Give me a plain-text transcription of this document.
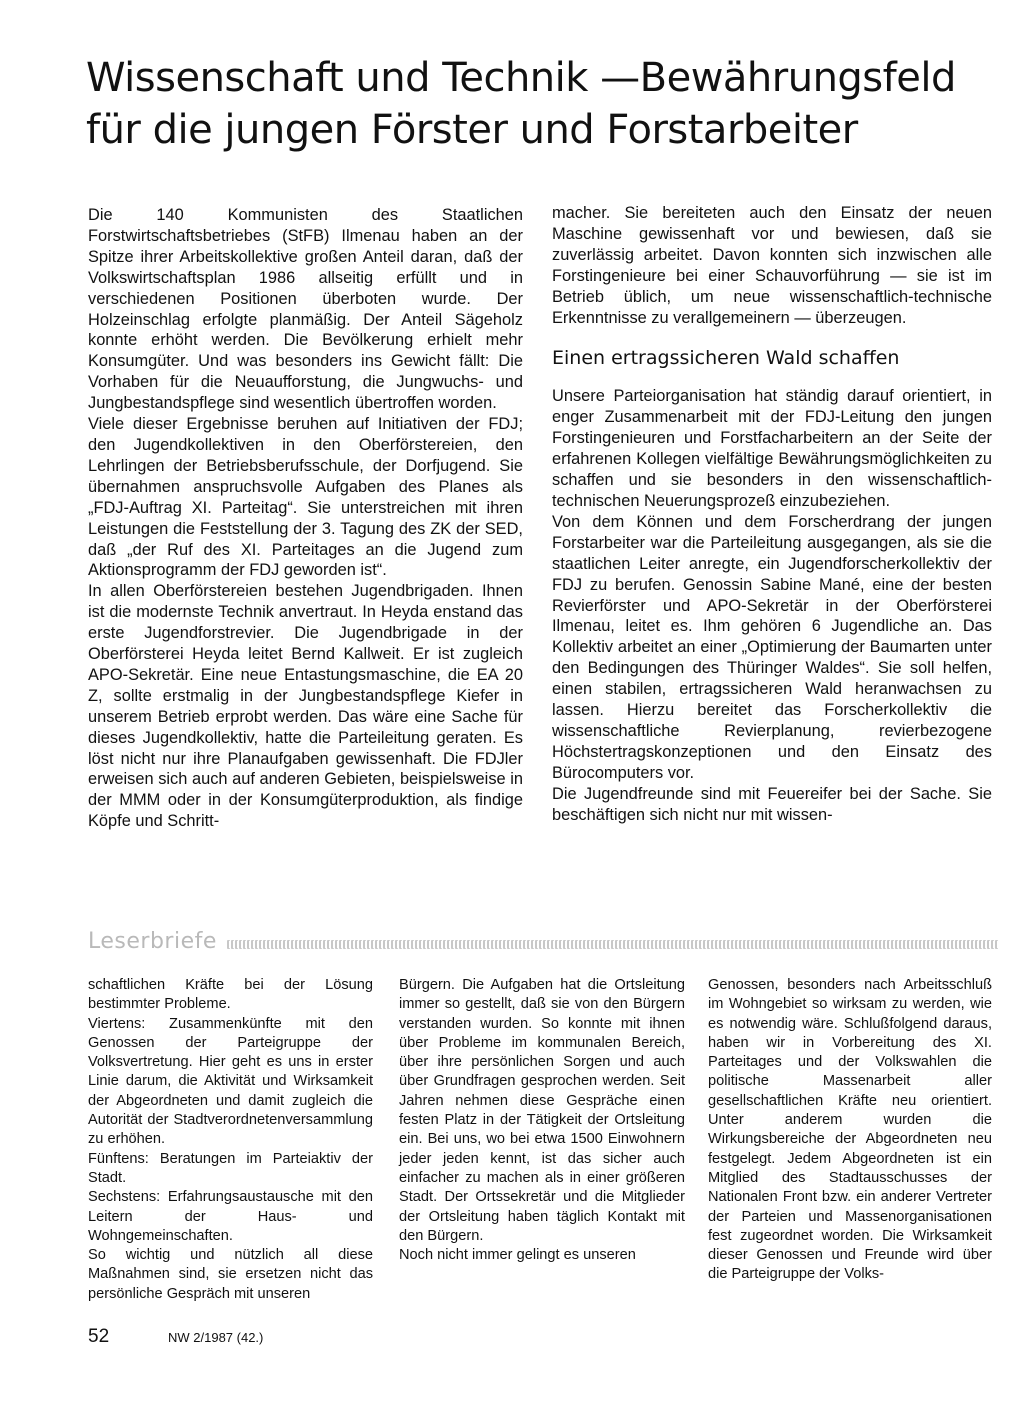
Wissenschaft und Technik —Bewährungsfeld
für die jungen Förster und Forstarbeiter

Die 140 Kommunisten des Staatlichen Forstwirtschaftsbetriebes (StFB) Ilmenau haben an der Spitze ihrer Arbeitskollektive großen Anteil daran, daß der Volkswirtschaftsplan 1986 allseitig erfüllt und in verschiedenen Positionen überboten wurde. Der Holzeinschlag erfolgte planmäßig. Der Anteil Sägeholz konnte erhöht werden. Die Bevölkerung erhielt mehr Konsumgüter. Und was besonders ins Gewicht fällt: Die Vorhaben für die Neuaufforstung, die Jungwuchs- und Jungbestandspflege sind wesentlich übertroffen worden.

Viele dieser Ergebnisse beruhen auf Initiativen der FDJ; den Jugendkollektiven in den Oberförstereien, den Lehrlingen der Betriebsberufsschule, der Dorfjugend. Sie übernahmen anspruchsvolle Aufgaben des Planes als „FDJ-Auftrag XI. Parteitag“. Sie unterstreichen mit ihren Leistungen die Feststellung der 3. Tagung des ZK der SED, daß „der Ruf des XI. Parteitages an die Jugend zum Aktionsprogramm der FDJ geworden ist“.

In allen Oberförstereien bestehen Jugendbrigaden. Ihnen ist die modernste Technik anvertraut. In Heyda enstand das erste Jugendforstrevier. Die Jugendbrigade in der Oberförsterei Heyda leitet Bernd Kallweit. Er ist zugleich APO-Sekretär. Eine neue Entastungsmaschine, die EA 20 Z, sollte erstmalig in der Jungbestandspflege Kiefer in unserem Betrieb erprobt werden. Das wäre eine Sache für dieses Jugendkollektiv, hatte die Parteileitung geraten. Es löst nicht nur ihre Planaufgaben gewissenhaft. Die FDJler erweisen sich auch auf anderen Gebieten, beispielsweise in der MMM oder in der Konsumgüterproduktion, als findige Köpfe und Schritt-

macher. Sie bereiteten auch den Einsatz der neuen Maschine gewissenhaft vor und bewiesen, daß sie zuverlässig arbeitet. Davon konnten sich inzwischen alle Forstingenieure bei einer Schauvorführung — sie ist im Betrieb üblich, um neue wissenschaftlich-technische Erkenntnisse zu verallgemeinern — überzeugen.

Einen ertragssicheren Wald schaffen

Unsere Parteiorganisation hat ständig darauf orientiert, in enger Zusammenarbeit mit der FDJ-Leitung den jungen Forstingenieuren und Forstfacharbeitern an der Seite der erfahrenen Kollegen vielfältige Bewährungsmöglichkeiten zu schaffen und sie besonders in den wissenschaftlich-technischen Neuerungsprozeß einzubeziehen.

Von dem Können und dem Forscherdrang der jungen Forstarbeiter war die Parteileitung ausgegangen, als sie die staatlichen Leiter anregte, ein Jugendforscherkollektiv der FDJ zu berufen. Genossin Sabine Mané, eine der besten Revierförster und APO-Sekretär in der Oberförsterei Ilmenau, leitet es. Ihm gehören 6 Jugendliche an. Das Kollektiv arbeitet an einer „Optimierung der Baumarten unter den Bedingungen des Thüringer Waldes“. Sie soll helfen, einen stabilen, ertragssicheren Wald heranwachsen zu lassen. Hierzu bereitet das Forscherkollektiv die wissenschaftliche Revierplanung, revierbezogene Höchstertragskonzeptionen und den Einsatz des Bürocomputers vor.

Die Jugendfreunde sind mit Feuereifer bei der Sache. Sie beschäftigen sich nicht nur mit wissen-

Leserbriefe

schaftlichen Kräfte bei der Lösung bestimmter Probleme.

Viertens: Zusammenkünfte mit den Genossen der Parteigruppe der Volksvertretung. Hier geht es uns in erster Linie darum, die Aktivität und Wirksamkeit der Abgeordneten und damit zugleich die Autorität der Stadtverordnetenversammlung zu erhöhen.

Fünftens: Beratungen im Parteiaktiv der Stadt.

Sechstens: Erfahrungsaustausche mit den Leitern der Haus- und Wohngemeinschaften.

So wichtig und nützlich all diese Maßnahmen sind, sie ersetzen nicht das persönliche Gespräch mit unseren

Bürgern. Die Aufgaben hat die Ortsleitung immer so gestellt, daß sie von den Bürgern verstanden wurden. So konnte mit ihnen über Probleme im kommunalen Bereich, über ihre persönlichen Sorgen und auch über Grundfragen gesprochen werden. Seit Jahren nehmen diese Gespräche einen festen Platz in der Tätigkeit der Ortsleitung ein. Bei uns, wo bei etwa 1500 Einwohnern jeder jeden kennt, ist das sicher auch einfacher zu machen als in einer größeren Stadt. Der Ortssekretär und die Mitglieder der Ortsleitung haben täglich Kontakt mit den Bürgern.

Noch nicht immer gelingt es unseren

Genossen, besonders nach Arbeitsschluß im Wohngebiet so wirksam zu werden, wie es notwendig wäre. Schlußfolgend daraus, haben wir in Vorbereitung des XI. Parteitages und der Volkswahlen die politische Massenarbeit aller gesellschaftlichen Kräfte neu orientiert. Unter anderem wurden die Wirkungsbereiche der Abgeordneten neu festgelegt. Jedem Abgeordneten ist ein Mitglied des Stadtausschusses der Nationalen Front bzw. ein anderer Vertreter der Parteien und Massenorganisationen fest zugeordnet worden. Die Wirksamkeit dieser Genossen und Freunde wird über die Parteigruppe der Volks-

52	NW 2/1987 (42.)
